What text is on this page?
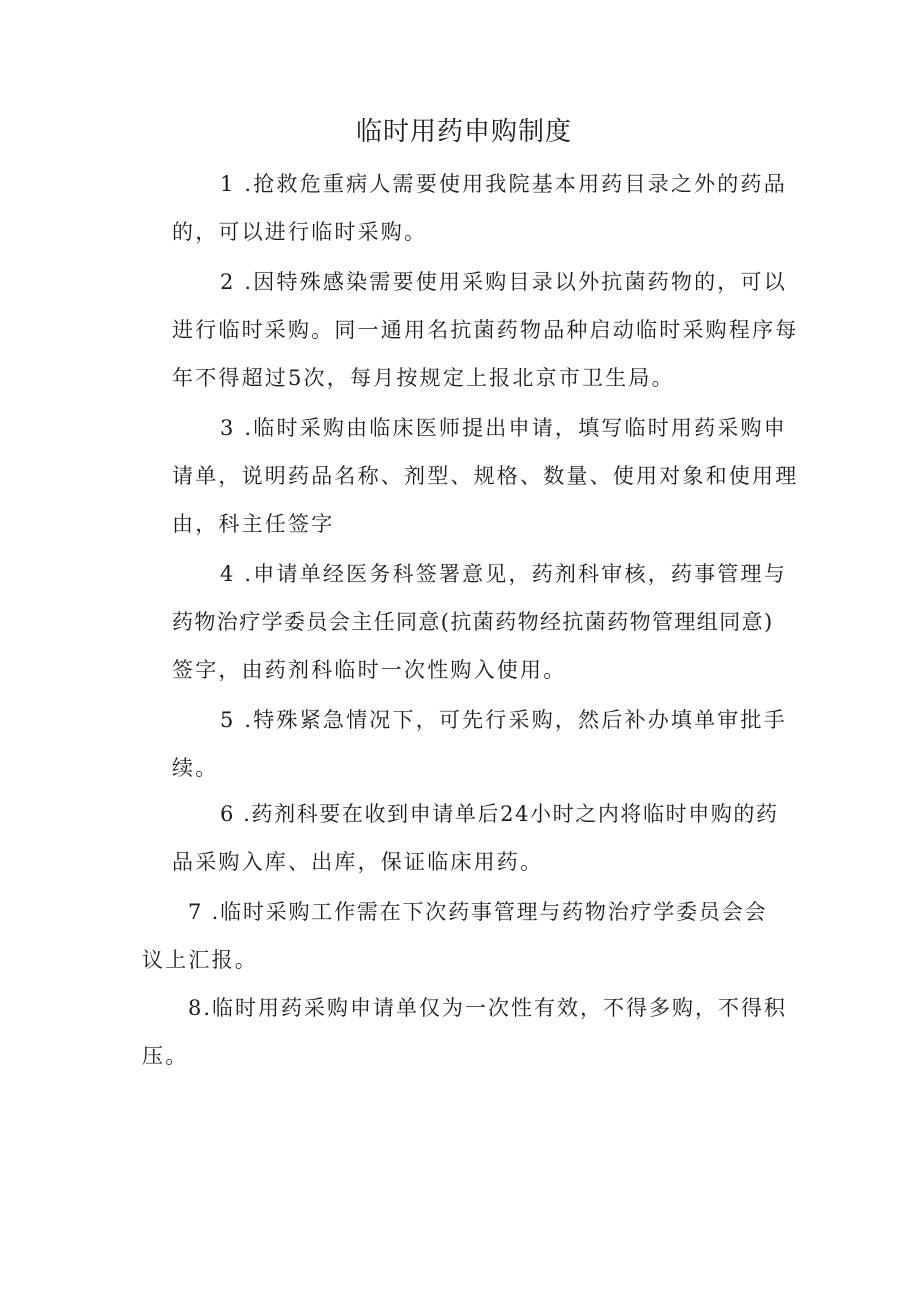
临时用药申购制度
1 .抢救危重病人需要使用我院基本用药目录之外的药品
的，可以进行临时采购。
2 .因特殊感染需要使用采购目录以外抗菌药物的，可以
进行临时采购。同一通用名抗菌药物品种启动临时采购程序每
年不得超过5次，每月按规定上报北京市卫生局。
3 .临时采购由临床医师提出申请，填写临时用药采购申
请单，说明药品名称、剂型、规格、数量、使用对象和使用理
由，科主任签字
4 .申请单经医务科签署意见，药剂科审核，药事管理与
药物治疗学委员会主任同意(抗菌药物经抗菌药物管理组同意)
签字，由药剂科临时一次性购入使用。
5 .特殊紧急情况下，可先行采购，然后补办填单审批手
续。
6 .药剂科要在收到申请单后24小时之内将临时申购的药
品采购入库、出库，保证临床用药。
7 .临时采购工作需在下次药事管理与药物治疗学委员会会
议上汇报。
8.临时用药采购申请单仅为一次性有效，不得多购，不得积
压。
